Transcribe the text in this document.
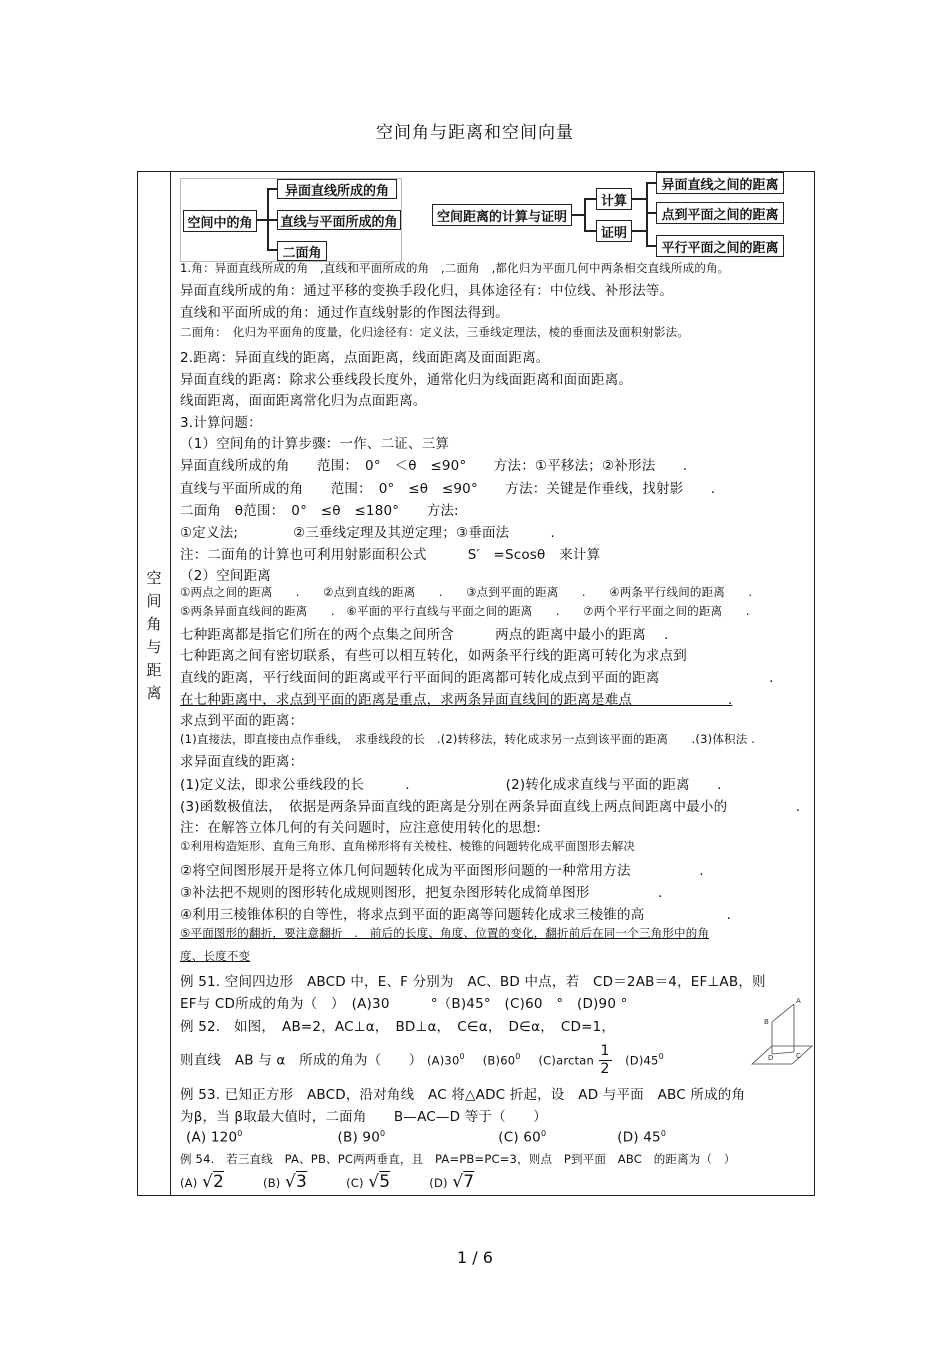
空间角与距离和空间向量
空
间
角
与
距
离
空间中的角
异面直线所成的角
直线与平面所成的角
二面角
空间距离的计算与证明
计算
证明
异面直线之间的距离
点到平面之间的距离
平行平面之间的距离
1.角：异面直线所成的角　,直线和平面所成的角　,二面角　,都化归为平面几何中两条相交直线所成的角。
异面直线所成的角：通过平移的变换手段化归，具体途径有：中位线、补形法等。
直线和平面所成的角：通过作直线射影的作图法得到。
二面角：　化归为平面角的度量，化归途径有：定义法，三垂线定理法，棱的垂面法及面积射影法。
2.距离：异面直线的距离，点面距离，线面距离及面面距离。
异面直线的距离：除求公垂线段长度外，通常化归为线面距离和面面距离。
线面距离，面面距离常化归为点面距离。
3.计算问题：
（1）空间角的计算步骤：一作、二证、三算
异面直线所成的角　　范围：　0°　＜θ　≤90°　　方法：①平移法；②补形法　　.
直线与平面所成的角　　范围：　0°　≤θ　≤90°　　方法：关键是作垂线，找射影　　.
二面角　θ范围：　0°　≤θ　≤180°　　方法:
①定义法;　　　　②三垂线定理及其逆定理；③垂面法　　　.
注：二面角的计算也可利用射影面积公式　　　S′　=Scosθ　来计算
（2）空间距离
①两点之间的距离　　.　　②点到直线的距离　　.　　③点到平面的距离　　.　　④两条平行线间的距离　　.
⑤两条异面直线间的距离　　.　⑥平面的平行直线与平面之间的距离　　.　　⑦两个平行平面之间的距离　　.
七种距离都是指它们所在的两个点集之间所含　　　两点的距离中最小的距离　 .
七种距离之间有密切联系，有些可以相互转化，如两条平行线的距离可转化为求点到
直线的距离，平行线面间的距离或平行平面间的距离都可转化成点到平面的距离　　　　　　　　.
在七种距离中，求点到平面的距离是重点，求两条异面直线间的距离是难点　　　　　　　.
求点到平面的距离：
(1)直接法，即直接由点作垂线，　求垂线段的长　.(2)转移法，转化成求另一点到该平面的距离　　.(3)体积法 .
求异面直线的距离：
(1)定义法，即求公垂线段的长　　　.　　　　　　　(2)转化成求直线与平面的距离　　.
(3)函数极值法，　依据是两条异面直线的距离是分别在两条异面直线上两点间距离中最小的　　　　　.
注：在解答立体几何的有关问题时，应注意使用转化的思想:
①利用构造矩形、直角三角形、直角梯形将有关棱柱、棱锥的问题转化成平面图形去解决
②将空间图形展开是将立体几何问题转化成为平面图形问题的一种常用方法　　　　　.
③补法把不规则的图形转化成规则图形，把复杂图形转化成简单图形　　　　　.
④利用三棱锥体积的自等性，将求点到平面的距离等问题转化成求三棱锥的高　　　　　　.
⑤平面图形的翻折，要注意翻折　.　前后的长度、角度、位置的变化，翻折前后在同一个三角形中的角
度、长度不变
例 51. 空间四边形　ABCD 中，E、F 分别为　AC、BD 中点，若　CD＝2AB＝4，EF⊥AB，则
EF与 CD所成的角为（　）　(A)30　　　°（B)45°　(C)60　°　(D)90 °
例 52.　如图，　AB=2，AC⊥α，　BD⊥α，　C∈α，　D∈α，　CD=1，
则直线　AB 与 α　所成的角为（　　） $(A)30^0$ $(B)60^0$ $(C)\arctan \frac{1}{2} (D)45^0$
A
B
C
D
例 53. 已知正方形　ABCD，沿对角线　AC 将△ADC 折起，设　AD 与平面　ABC 所成的角
为β，当 β取最大值时，二面角　　B—AC—D 等于（　　）
(A) $120^0$	(B) $90^0$	(C) $60^0$	(D) $45^0$
例 54.　若三直线　PA、PB、PC两两垂直，且　PA=PB=PC=3，则点　P到平面　ABC　的距离为（　）
(A) √2	(B) √3	(C) √5	(D) √7
1 / 6
